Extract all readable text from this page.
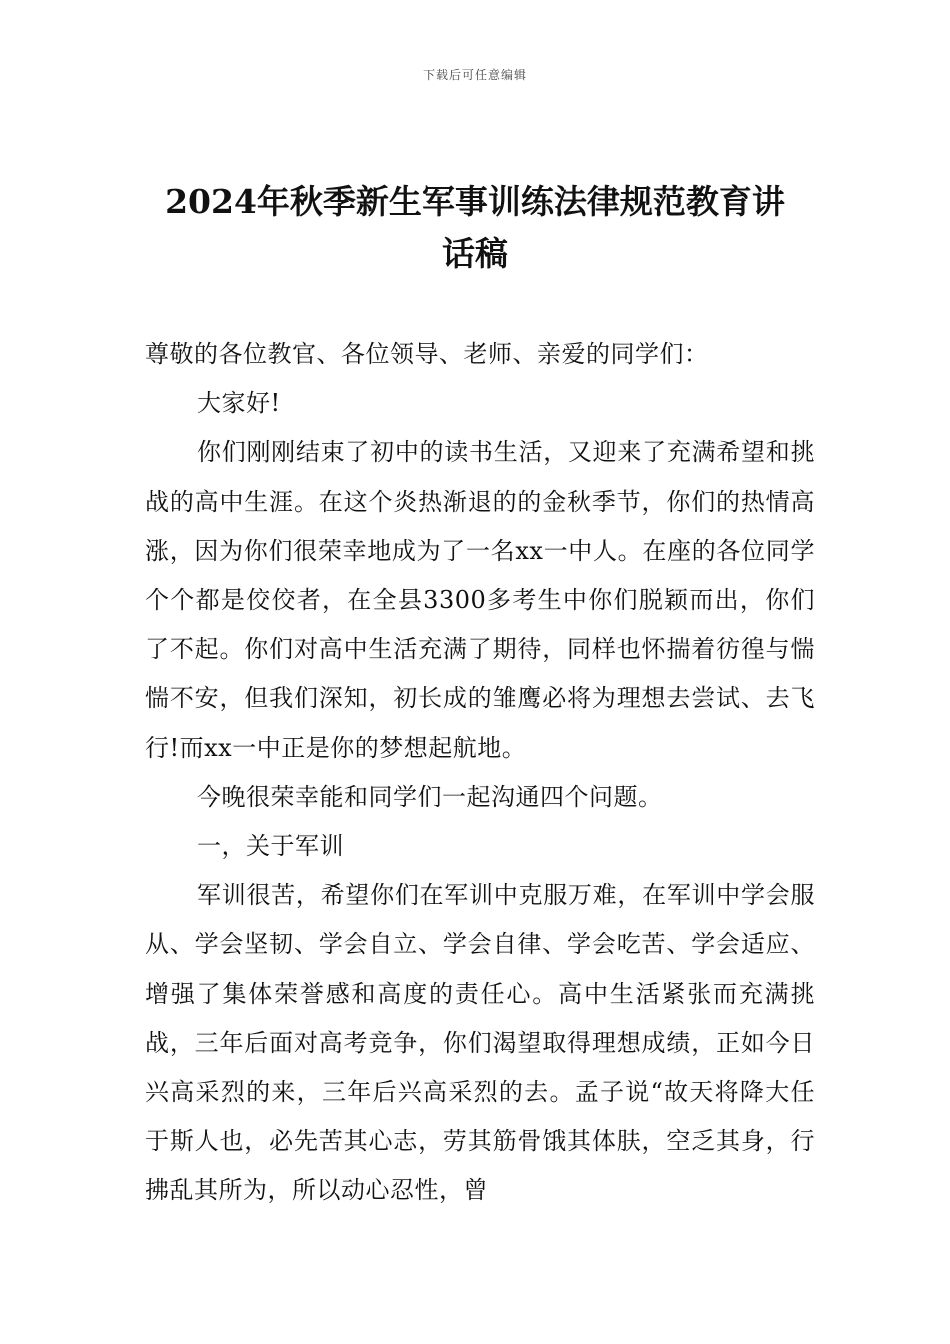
下载后可任意编辑
2024年秋季新生军事训练法律规范教育讲
话稿

尊敬的各位教官、各位领导、老师、亲爱的同学们：

大家好!

你们刚刚结束了初中的读书生活，又迎来了充满希望和挑战的高中生涯。在这个炎热渐退的的金秋季节，你们的热情高涨，因为你们很荣幸地成为了一名xx一中人。在座的各位同学个个都是佼佼者，在全县3300多考生中你们脱颖而出，你们了不起。你们对高中生活充满了期待，同样也怀揣着彷徨与惴惴不安，但我们深知，初长成的雏鹰必将为理想去尝试、去飞行!而xx一中正是你的梦想起航地。

今晚很荣幸能和同学们一起沟通四个问题。

一，关于军训

军训很苦，希望你们在军训中克服万难，在军训中学会服从、学会坚韧、学会自立、学会自律、学会吃苦、学会适应、增强了集体荣誉感和高度的责任心。高中生活紧张而充满挑战，三年后面对高考竞争，你们渴望取得理想成绩，正如今日兴高采烈的来，三年后兴高采烈的去。孟子说“故天将降大任于斯人也，必先苦其心志，劳其筋骨饿其体肤，空乏其身，行拂乱其所为，所以动心忍性，曾
